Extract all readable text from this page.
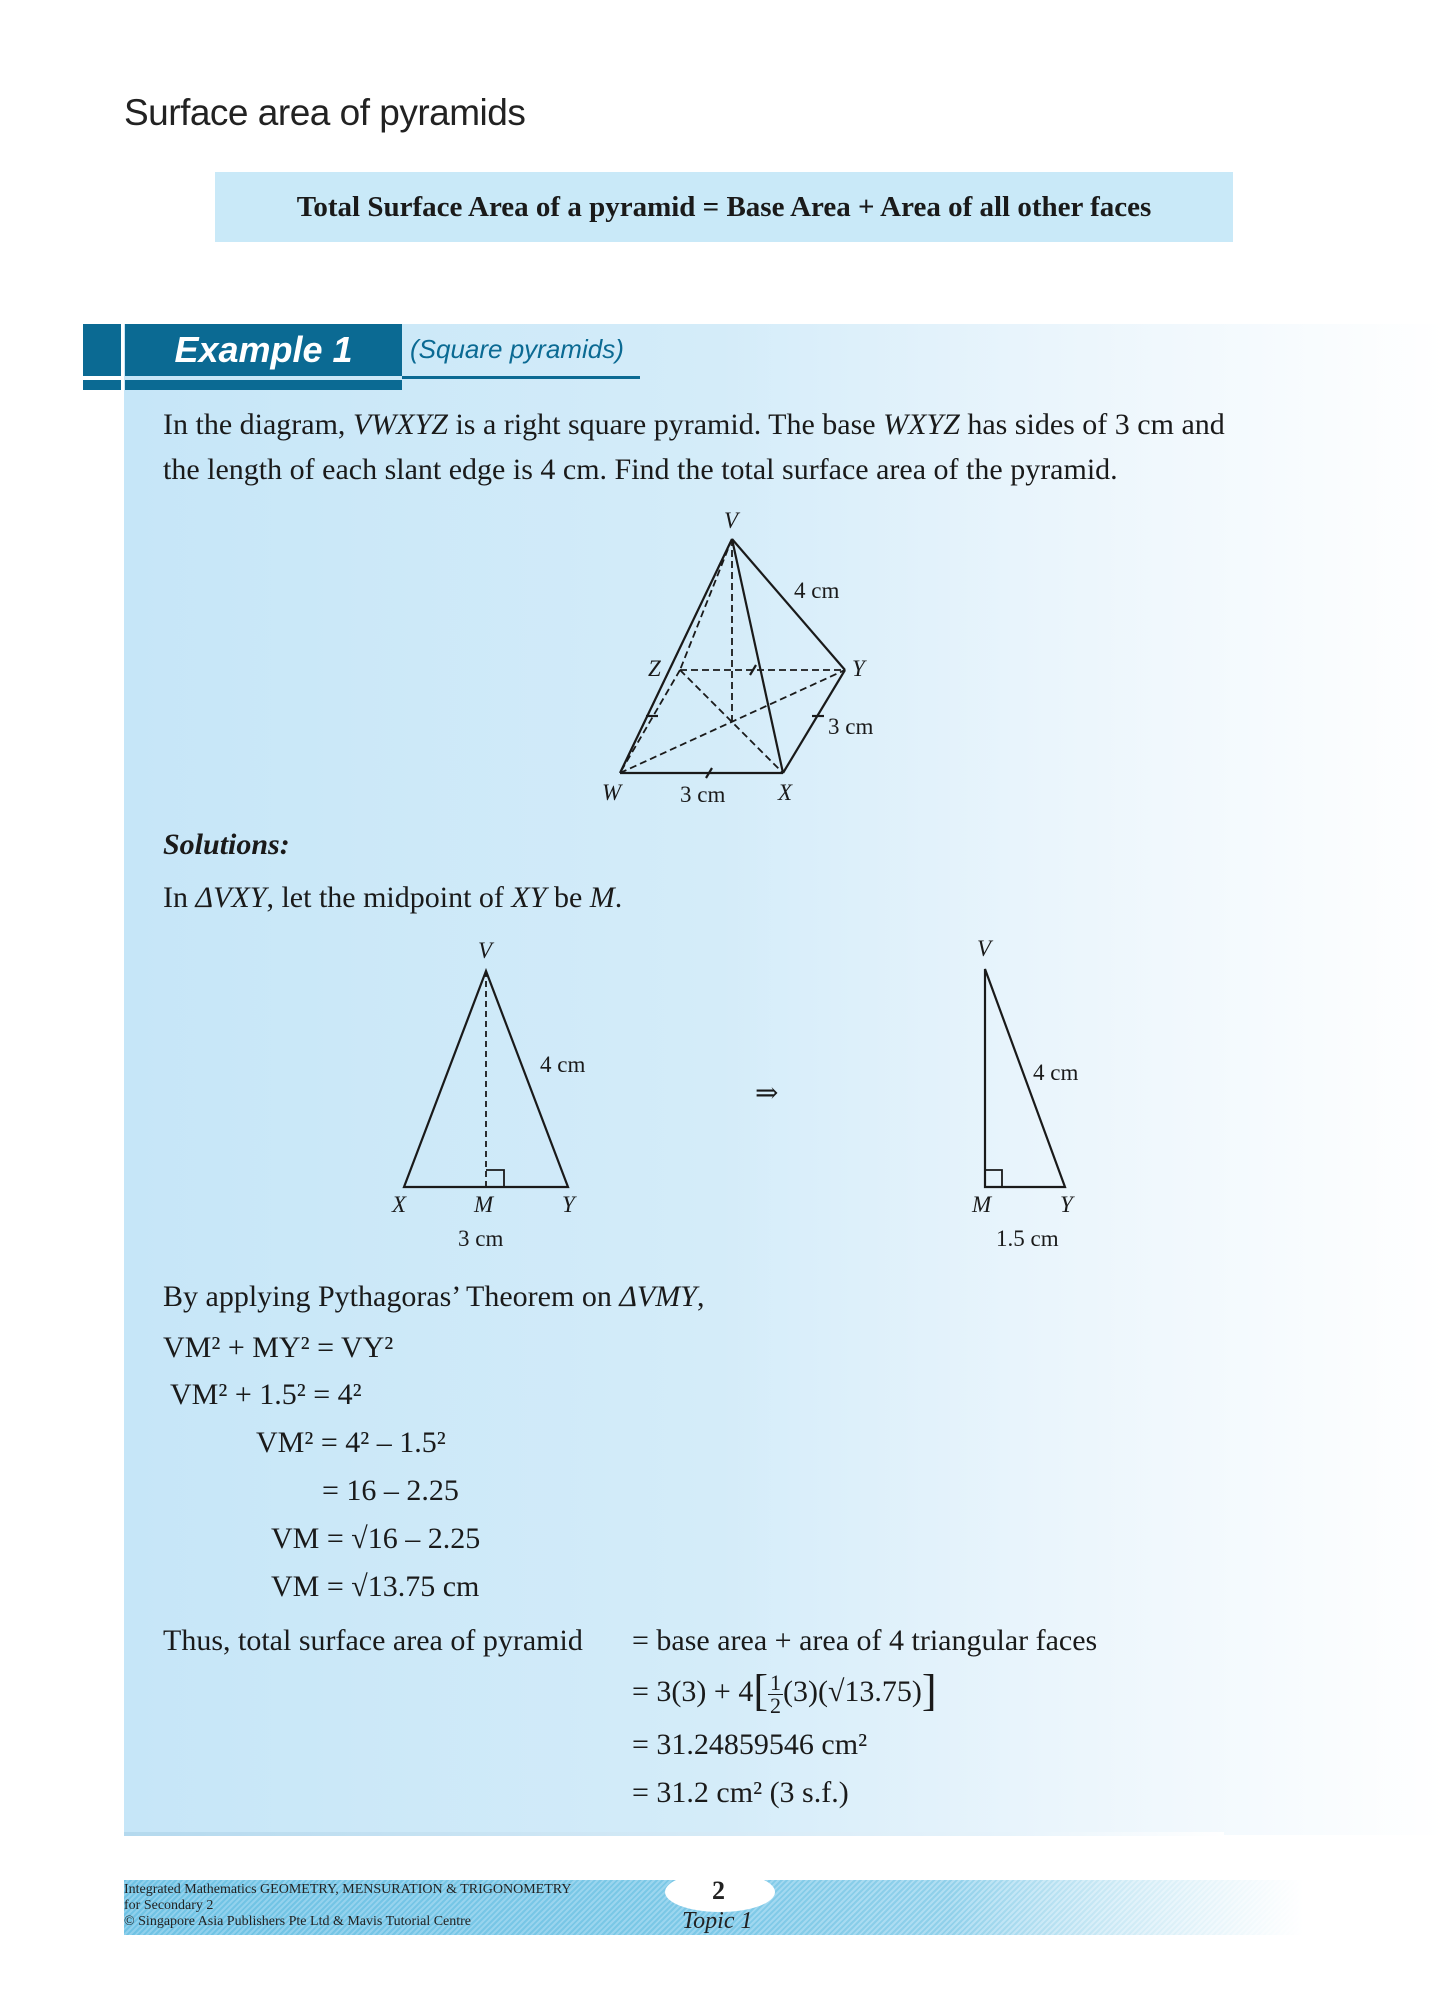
Surface area of pyramids
Total Surface Area of a pyramid = Base Area + Area of all other faces
Example 1	(Square pyramids)
In the diagram, VWXYZ is a right square pyramid. The base WXYZ has sides of 3 cm and
the length of each slant edge is 4 cm. Find the total surface area of the pyramid.
V
W	X
Y
Z
4 cm
3 cm
3 cm
Solutions:
In ΔVXY, let the midpoint of XY be M.
V
X	M	Y
4 cm
3 cm
⇒
V
M	Y
4 cm
1.5 cm
By applying Pythagoras’ Theorem on ΔVMY,
VM² + MY² = VY²
VM² + 1.5² = 4²
VM² = 4² – 1.5²
= 16 – 2.25
VM = √16 – 2.25
VM = √13.75 cm
Thus, total surface area of pyramid = base area + area of 4 triangular faces
= $3(3) + 4[ \frac{1}{2} (3)(√13.75)]$
= 31.24859546 cm²
= 31.2 cm² (3 s.f.)
Integrated Mathematics GEOMETRY, MENSURATION & TRIGONOMETRY
for Secondary 2
© Singapore Asia Publishers Pte Ltd & Mavis Tutorial Centre
2
Topic 1
